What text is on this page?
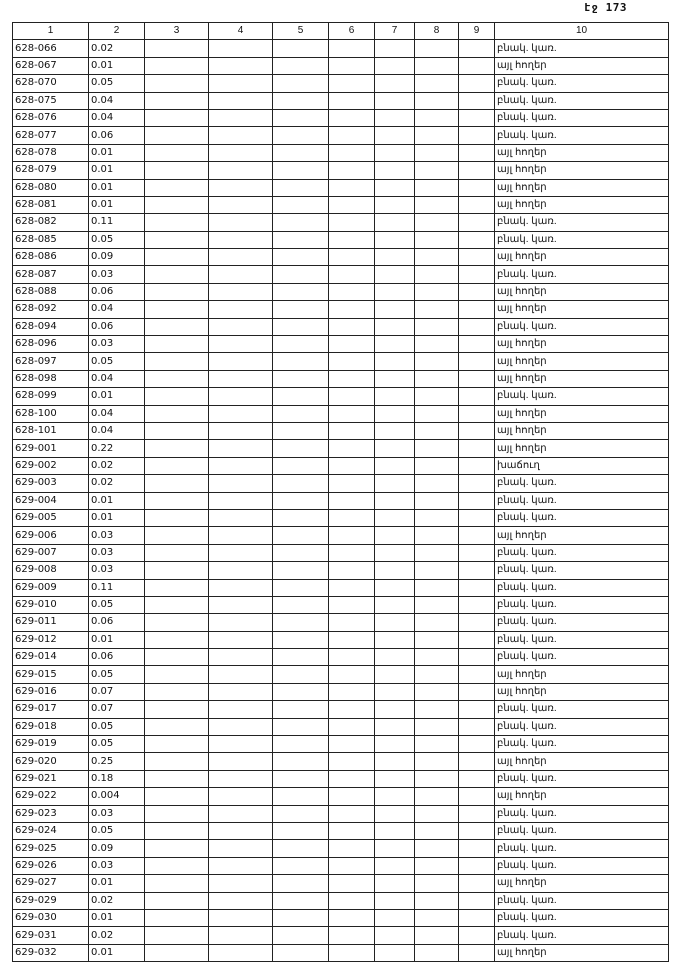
էջ 173
1	2	3	4	5	6	7	8	9	10
628-066	0.02								բնակ. կառ.
628-067	0.01								այլ հողեր
628-070	0.05								բնակ. կառ.
628-075	0.04								բնակ. կառ.
628-076	0.04								բնակ. կառ.
628-077	0.06								բնակ. կառ.
628-078	0.01								այլ հողեր
628-079	0.01								այլ հողեր
628-080	0.01								այլ հողեր
628-081	0.01								այլ հողեր
628-082	0.11								բնակ. կառ.
628-085	0.05								բնակ. կառ.
628-086	0.09								այլ հողեր
628-087	0.03								բնակ. կառ.
628-088	0.06								այլ հողեր
628-092	0.04								այլ հողեր
628-094	0.06								բնակ. կառ.
628-096	0.03								այլ հողեր
628-097	0.05								այլ հողեր
628-098	0.04								այլ հողեր
628-099	0.01								բնակ. կառ.
628-100	0.04								այլ հողեր
628-101	0.04								այլ հողեր
629-001	0.22								այլ հողեր
629-002	0.02								խաճուղ
629-003	0.02								բնակ. կառ.
629-004	0.01								բնակ. կառ.
629-005	0.01								բնակ. կառ.
629-006	0.03								այլ հողեր
629-007	0.03								բնակ. կառ.
629-008	0.03								բնակ. կառ.
629-009	0.11								բնակ. կառ.
629-010	0.05								բնակ. կառ.
629-011	0.06								բնակ. կառ.
629-012	0.01								բնակ. կառ.
629-014	0.06								բնակ. կառ.
629-015	0.05								այլ հողեր
629-016	0.07								այլ հողեր
629-017	0.07								բնակ. կառ.
629-018	0.05								բնակ. կառ.
629-019	0.05								բնակ. կառ.
629-020	0.25								այլ հողեր
629-021	0.18								բնակ. կառ.
629-022	0.004								այլ հողեր
629-023	0.03								բնակ. կառ.
629-024	0.05								բնակ. կառ.
629-025	0.09								բնակ. կառ.
629-026	0.03								բնակ. կառ.
629-027	0.01								այլ հողեր
629-029	0.02								բնակ. կառ.
629-030	0.01								բնակ. կառ.
629-031	0.02								բնակ. կառ.
629-032	0.01								այլ հողեր
